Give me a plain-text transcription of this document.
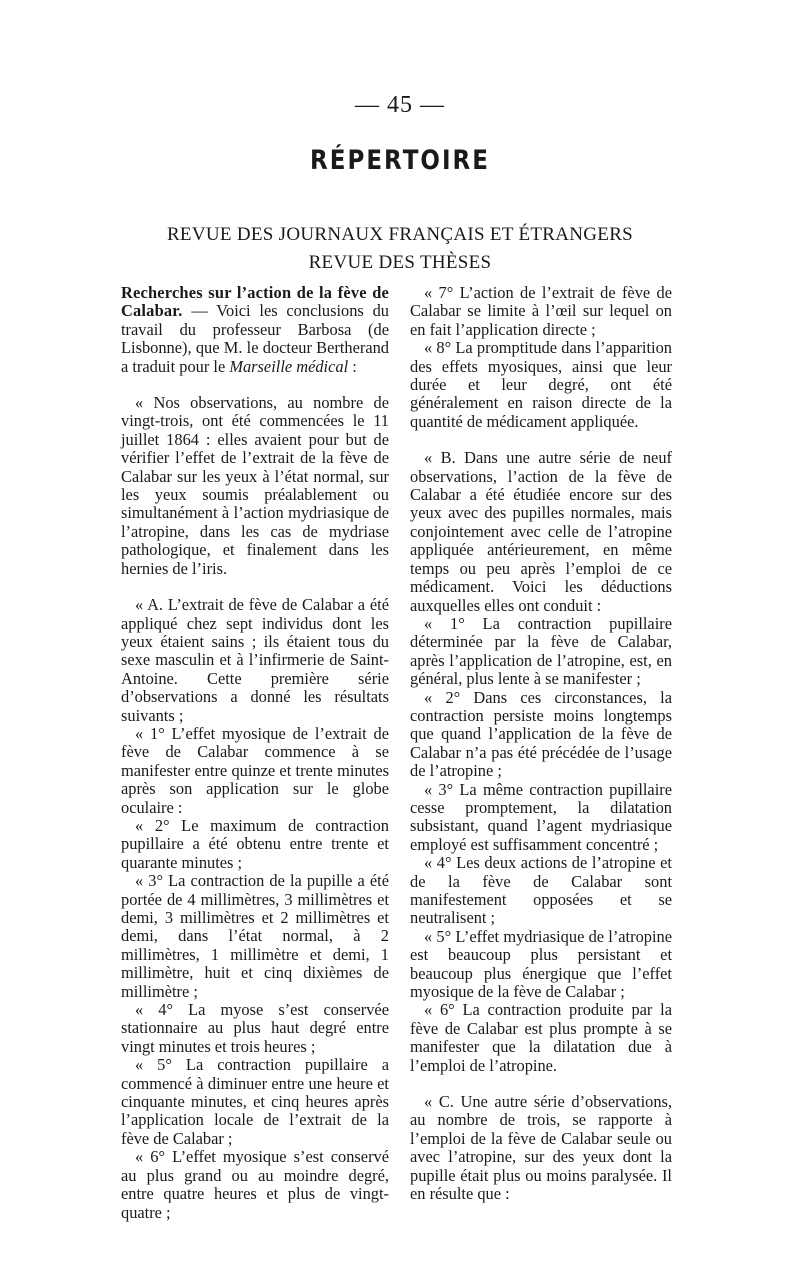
— 45 —
RÉPERTOIRE
REVUE DES JOURNAUX FRANÇAIS ET ÉTRANGERS
REVUE DES THÈSES

Recherches sur l’action de la fève de Calabar. — Voici les conclusions du travail du professeur Barbosa (de Lisbonne), que M. le docteur Bertherand a traduit pour le Marseille médical :

« Nos observations, au nombre de vingt-trois, ont été commencées le 11 juillet 1864 : elles avaient pour but de vérifier l’effet de l’extrait de la fève de Calabar sur les yeux à l’état normal, sur les yeux soumis préalablement ou simultanément à l’action mydriasique de l’atropine, dans les cas de mydriase pathologique, et finalement dans les hernies de l’iris.

« A. L’extrait de fève de Calabar a été appliqué chez sept individus dont les yeux étaient sains ; ils étaient tous du sexe masculin et à l’infirmerie de Saint-Antoine. Cette première série d’observations a donné les résultats suivants ;

« 1° L’effet myosique de l’extrait de fève de Calabar commence à se manifester entre quinze et trente minutes après son application sur le globe oculaire :

« 2° Le maximum de contraction pupillaire a été obtenu entre trente et quarante minutes ;

« 3° La contraction de la pupille a été portée de 4 millimètres, 3 millimètres et demi, 3 millimètres et 2 millimètres et demi, dans l’état normal, à 2 millimètres, 1 millimètre et demi, 1 millimètre, huit et cinq dixièmes de millimètre ;

« 4° La myose s’est conservée stationnaire au plus haut degré entre vingt minutes et trois heures ;

« 5° La contraction pupillaire a commencé à diminuer entre une heure et cinquante minutes, et cinq heures après l’application locale de l’extrait de la fève de Calabar ;

« 6° L’effet myosique s’est conservé au plus grand ou au moindre degré, entre quatre heures et plus de vingt-quatre ;

« 7° L’action de l’extrait de fève de Calabar se limite à l’œil sur lequel on en fait l’application directe ;

« 8° La promptitude dans l’apparition des effets myosiques, ainsi que leur durée et leur degré, ont été généralement en raison directe de la quantité de médicament appliquée.

« B. Dans une autre série de neuf observations, l’action de la fève de Calabar a été étudiée encore sur des yeux avec des pupilles normales, mais conjointement avec celle de l’atropine appliquée antérieurement, en même temps ou peu après l’emploi de ce médicament. Voici les déductions auxquelles elles ont conduit :

« 1° La contraction pupillaire déterminée par la fève de Calabar, après l’application de l’atropine, est, en général, plus lente à se manifester ;

« 2° Dans ces circonstances, la contraction persiste moins longtemps que quand l’application de la fève de Calabar n’a pas été précédée de l’usage de l’atropine ;

« 3° La même contraction pupillaire cesse promptement, la dilatation subsistant, quand l’agent mydriasique employé est suffisamment concentré ;

« 4° Les deux actions de l’atropine et de la fève de Calabar sont manifestement opposées et se neutralisent ;

« 5° L’effet mydriasique de l’atropine est beaucoup plus persistant et beaucoup plus énergique que l’effet myosique de la fève de Calabar ;

« 6° La contraction produite par la fève de Calabar est plus prompte à se manifester que la dilatation due à l’emploi de l’atropine.

« C. Une autre série d’observations, au nombre de trois, se rapporte à l’emploi de la fève de Calabar seule ou avec l’atropine, sur des yeux dont la pupille était plus ou moins paralysée. Il en résulte que :
